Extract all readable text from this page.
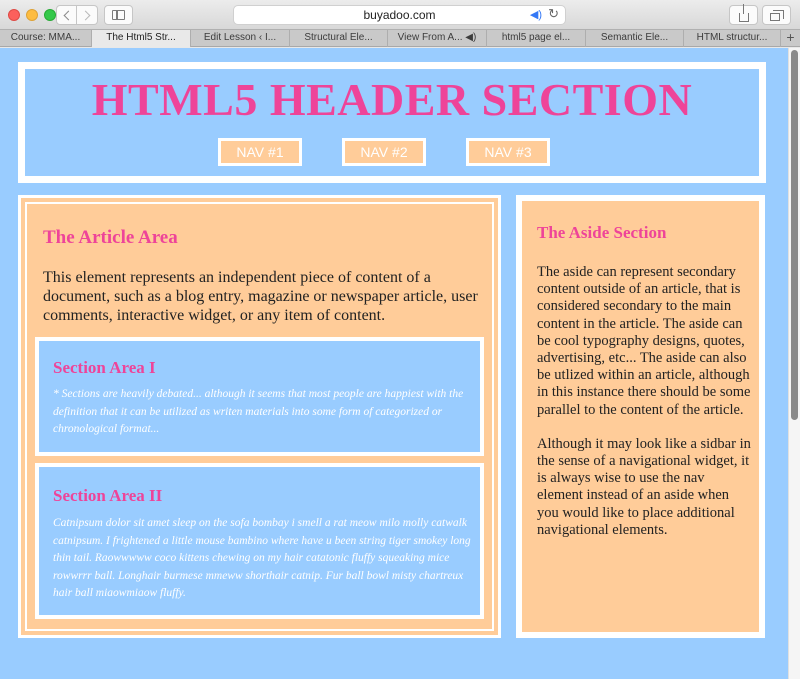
buyadoo.com	◀) ↻
Course: MMA...	The Html5 Str...	Edit Lesson ‹ I...	Structural Ele...	View From A... ◀)	html5 page el...	Semantic Ele...	HTML structur...	+
HTML5 HEADER SECTION
NAV #1	NAV #2	NAV #3
The Article Area
This element represents an independent piece of content of a document, such as a blog entry, magazine or newspaper article, user comments, interactive widget, or any item of content.
Section Area I
* Sections are heavily debated... although it seems that most people are happiest with the definition that it can be utilized as writen materials into some form of categorized or chronological format...
Section Area II
Catnipsum dolor sit amet sleep on the sofa bombay i smell a rat meow milo molly catwalk catnipsum. I frightened a little mouse bambino where have u been string tiger smokey long thin tail. Raowwwww coco kittens chewing on my hair catatonic fluffy squeaking mice rowwrrr ball. Longhair burmese mmeww shorthair catnip. Fur ball bowl misty chartreux hair ball miaowmiaow fluffy.
The Aside Section

The aside can represent secondary content outside of an article, that is considered secondary to the main content in the article. The aside can be cool typography designs, quotes, advertising, etc... The aside can also be utlized within an article, although in this instance there should be some parallel to the content of the article.

Although it may look like a sidbar in the sense of a navigational widget, it is always wise to use the nav element instead of an aside when you would like to place additional navigational elements.
